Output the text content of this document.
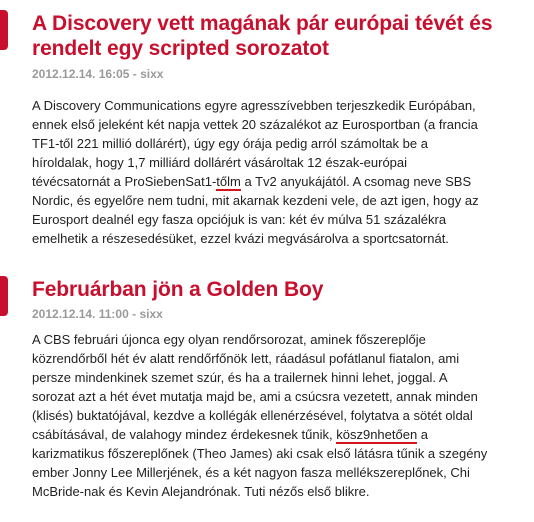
A Discovery vett magának pár európai tévét és
rendelt egy scripted sorozatot
2012.12.14. 16:05 - sixx
A Discovery Communications egyre agresszívebben terjeszkedik Európában,
ennek első jeleként két napja vettek 20 százalékot az Eurosportban (a francia
TF1-től 221 millió dollárért), úgy egy órája pedig arról számoltak be a
híroldalak, hogy 1,7 milliárd dollárért vásároltak 12 észak-európai
tévécsatornát a ProSiebenSat1-tőlm a Tv2 anyukájától. A csomag neve SBS
Nordic, és egyelőre nem tudni, mit akarnak kezdeni vele, de azt igen, hogy az
Eurosport dealnél egy fasza opciójuk is van: két év múlva 51 százalékra
emelhetik a részesedésüket, ezzel kvázi megvásárolva a sportcsatornát.
Februárban jön a Golden Boy
2012.12.14. 11:00 - sixx
A CBS februári újonca egy olyan rendőrsorozat, aminek főszereplője
közrendőrből hét év alatt rendőrfőnök lett, ráadásul pofátlanul fiatalon, ami
persze mindenkinek szemet szúr, és ha a trailernek hinni lehet, joggal. A
sorozat azt a hét évet mutatja majd be, ami a csúcsra vezetett, annak minden
(klisés) buktatójával, kezdve a kollégák ellenérzésével, folytatva a sötét oldal
csábításával, de valahogy mindez érdekesnek tűnik, kösz9nhetően a
karizmatikus főszereplőnek (Theo James) aki csak első látásra tűnik a szegény
ember Jonny Lee Millerjének, és a két nagyon fasza mellékszereplőnek, Chi
McBride-nak és Kevin Alejandrónak. Tuti nézős első blikre.
